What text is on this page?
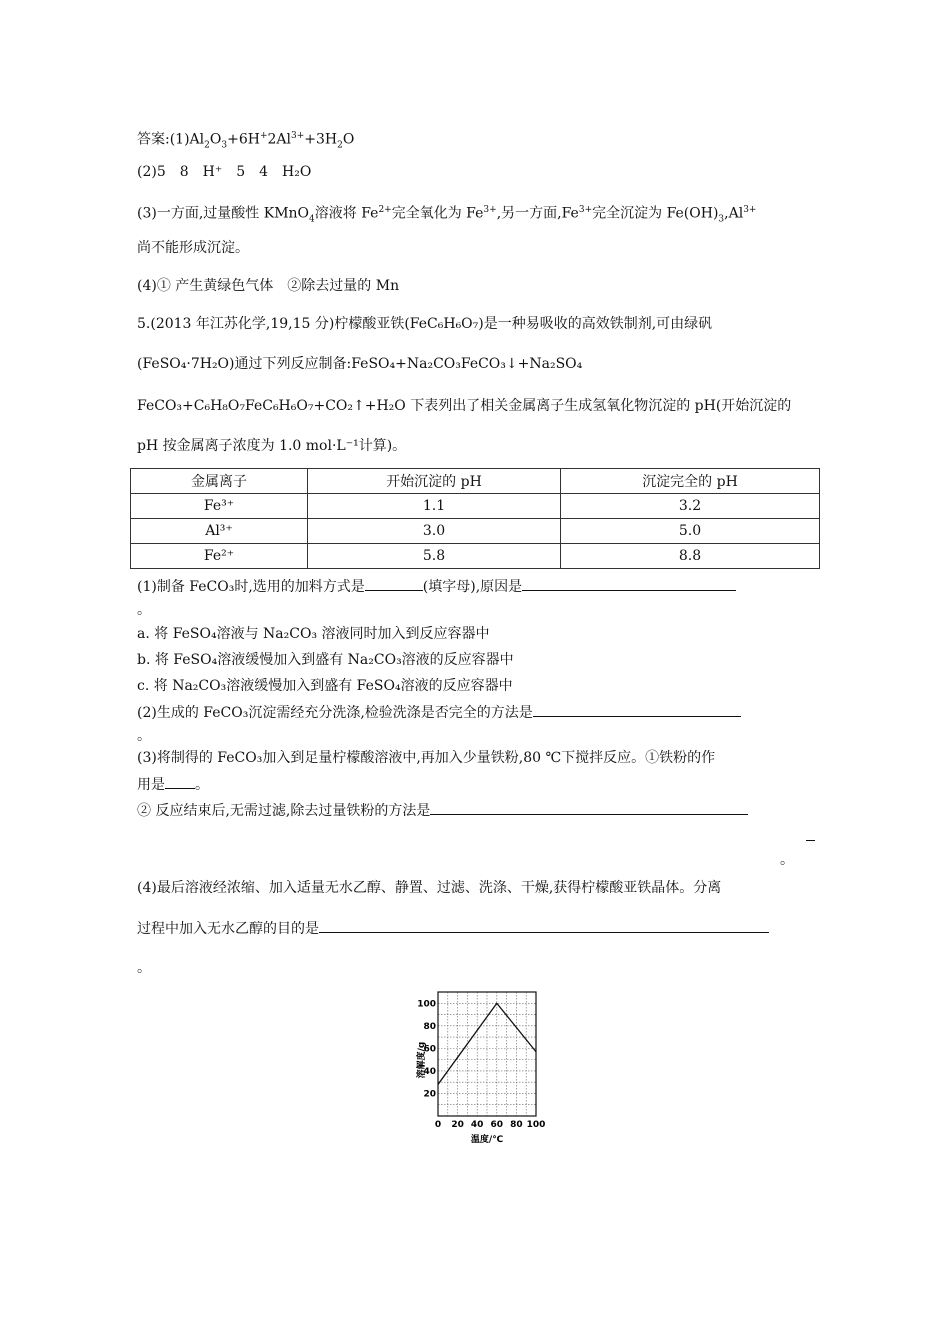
答案$:(1)Al_2O_3+6H^+2Al^{3+}+3H_2O$
(2)5　8　H⁺　5　4　H₂O
(3)一方面,过量酸性 KMnO$_4$溶液将 $Fe^{2+}$完全氧化为 $Fe^{3+}$,另一方面$,Fe^{3+}$完全沉淀为 $Fe(OH)_3,Al^{3+}$
尚不能形成沉淀。
(4)① 产生黄绿色气体　②除去过量的 Mn
5.(2013 年江苏化学,19,15 分)柠檬酸亚铁(FeC₆H₆O₇)是一种易吸收的高效铁制剂,可由绿矾
(FeSO₄·7H₂O)通过下列反应制备:FeSO₄+Na₂CO₃FeCO₃↓+Na₂SO₄
FeCO₃+C₆H₈O₇FeC₆H₆O₇+CO₂↑+H₂O 下表列出了相关金属离子生成氢氧化物沉淀的 pH(开始沉淀的
pH 按金属离子浓度为 1.0 mol·L⁻¹计算)。
金属离子	开始沉淀的 pH	沉淀完全的 pH
Fe³⁺	1.1	3.2
Al³⁺	3.0	5.0
Fe²⁺	5.8	8.8
(1)制备 FeCO₃时,选用的加料方式是	(填字母),原因是
。
a. 将 FeSO₄溶液与 Na₂CO₃ 溶液同时加入到反应容器中
b. 将 FeSO₄溶液缓慢加入到盛有 Na₂CO₃溶液的反应容器中
c. 将 Na₂CO₃溶液缓慢加入到盛有 FeSO₄溶液的反应容器中
(2)生成的 FeCO₃沉淀需经充分洗涤,检验洗涤是否完全的方法是
。
(3)将制得的 FeCO₃加入到足量柠檬酸溶液中,再加入少量铁粉,80 ℃下搅拌反应。①铁粉的作
用是 。
② 反应结束后,无需过滤,除去过量铁粉的方法是
。
(4)最后溶液经浓缩、加入适量无水乙醇、静置、过滤、洗涤、干燥,获得柠檬酸亚铁晶体。分离
过程中加入无水乙醇的目的是
。
20
40
60
80
100
0 20 40 60 80 100
温度/℃
溶解度/g
